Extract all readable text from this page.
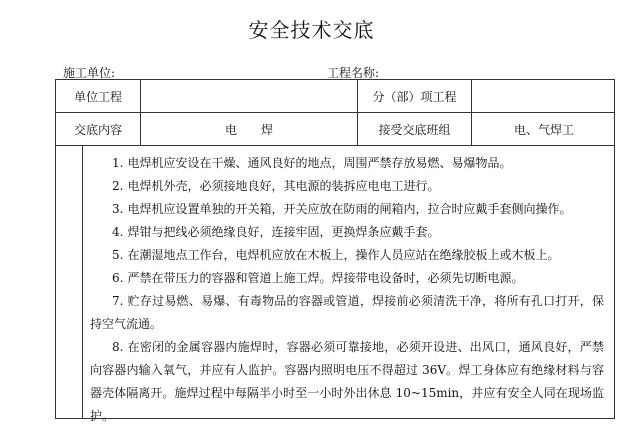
安全技术交底
施工单位:	工程名称:
单位工程	分（部）项工程
交底内容	电　　焊	接受交底班组	电、气焊工

1. 电焊机应安设在干燥、通风良好的地点，周围严禁存放易燃、易爆物品。

2. 电焊机外壳，必须接地良好，其电源的装拆应电电工进行。

3. 电焊机应设置单独的开关箱，开关应放在防雨的闸箱内，拉合时应戴手套侧向操作。

4. 焊钳与把线必须绝缘良好，连接牢固，更换焊条应戴手套。

5. 在潮湿地点工作台，电焊机应放在木板上，操作人员应站在绝缘胶板上或木板上。

6. 严禁在带压力的容器和管道上施工焊。焊接带电设备时，必须先切断电源。

7. 贮存过易燃、易爆、有毒物品的容器或管道，焊接前必须清洗干净，将所有孔口打开，保持空气流通。

8. 在密闭的金属容器内施焊时，容器必须可靠接地，必须开设进、出风口，通风良好，严禁向容器内输入氧气，并应有人监护。容器内照明电压不得超过 36V。焊工身体应有绝缘材料与容器壳体隔离开。施焊过程中每隔半小时至一小时外出休息 10~15min，并应有安全人同在现场监护。
